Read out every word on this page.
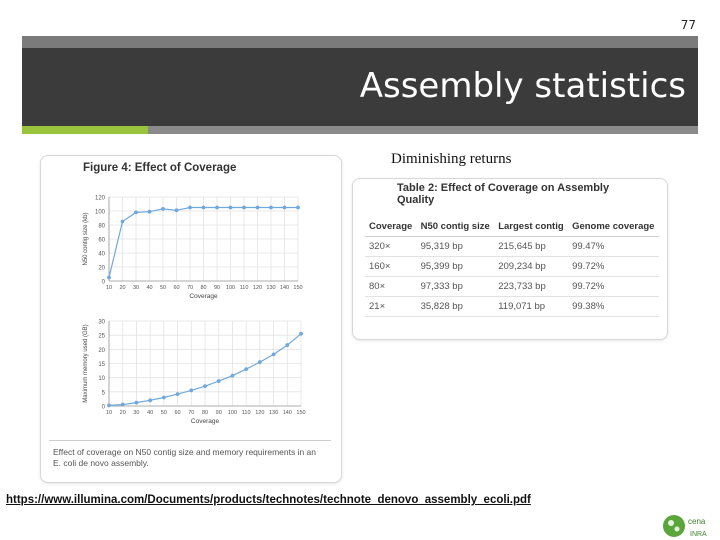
77
Assembly statistics
Diminishing returns
Figure 4: Effect of Coverage
0
20
40
60
80
100
120
10 20 30 40 50 60 70 80 90 100 110 120 130 140 150
Coverage
N50 contig size (kb)
0
5
10
15
20
25
30
10 20 30 40 50 60 70 80 90 100 110 120 130 140 150
Coverage
Maximum memory used (GB)
Effect of coverage on N50 contig size and memory requirements in an E. coli de novo assembly.
Table 2: Effect of Coverage on Assembly Quality
Coverage	N50 contig size	Largest contig	Genome coverage
320×	95,319 bp	215,645 bp	99.47%
160×	95,399 bp	209,234 bp	99.72%
80×	97,333 bp	223,733 bp	99.72%
21×	35,828 bp	119,071 bp	99.38%
https://www.illumina.com/Documents/products/technotes/technote_denovo_assembly_ecoli.pdf
cena
INRA
